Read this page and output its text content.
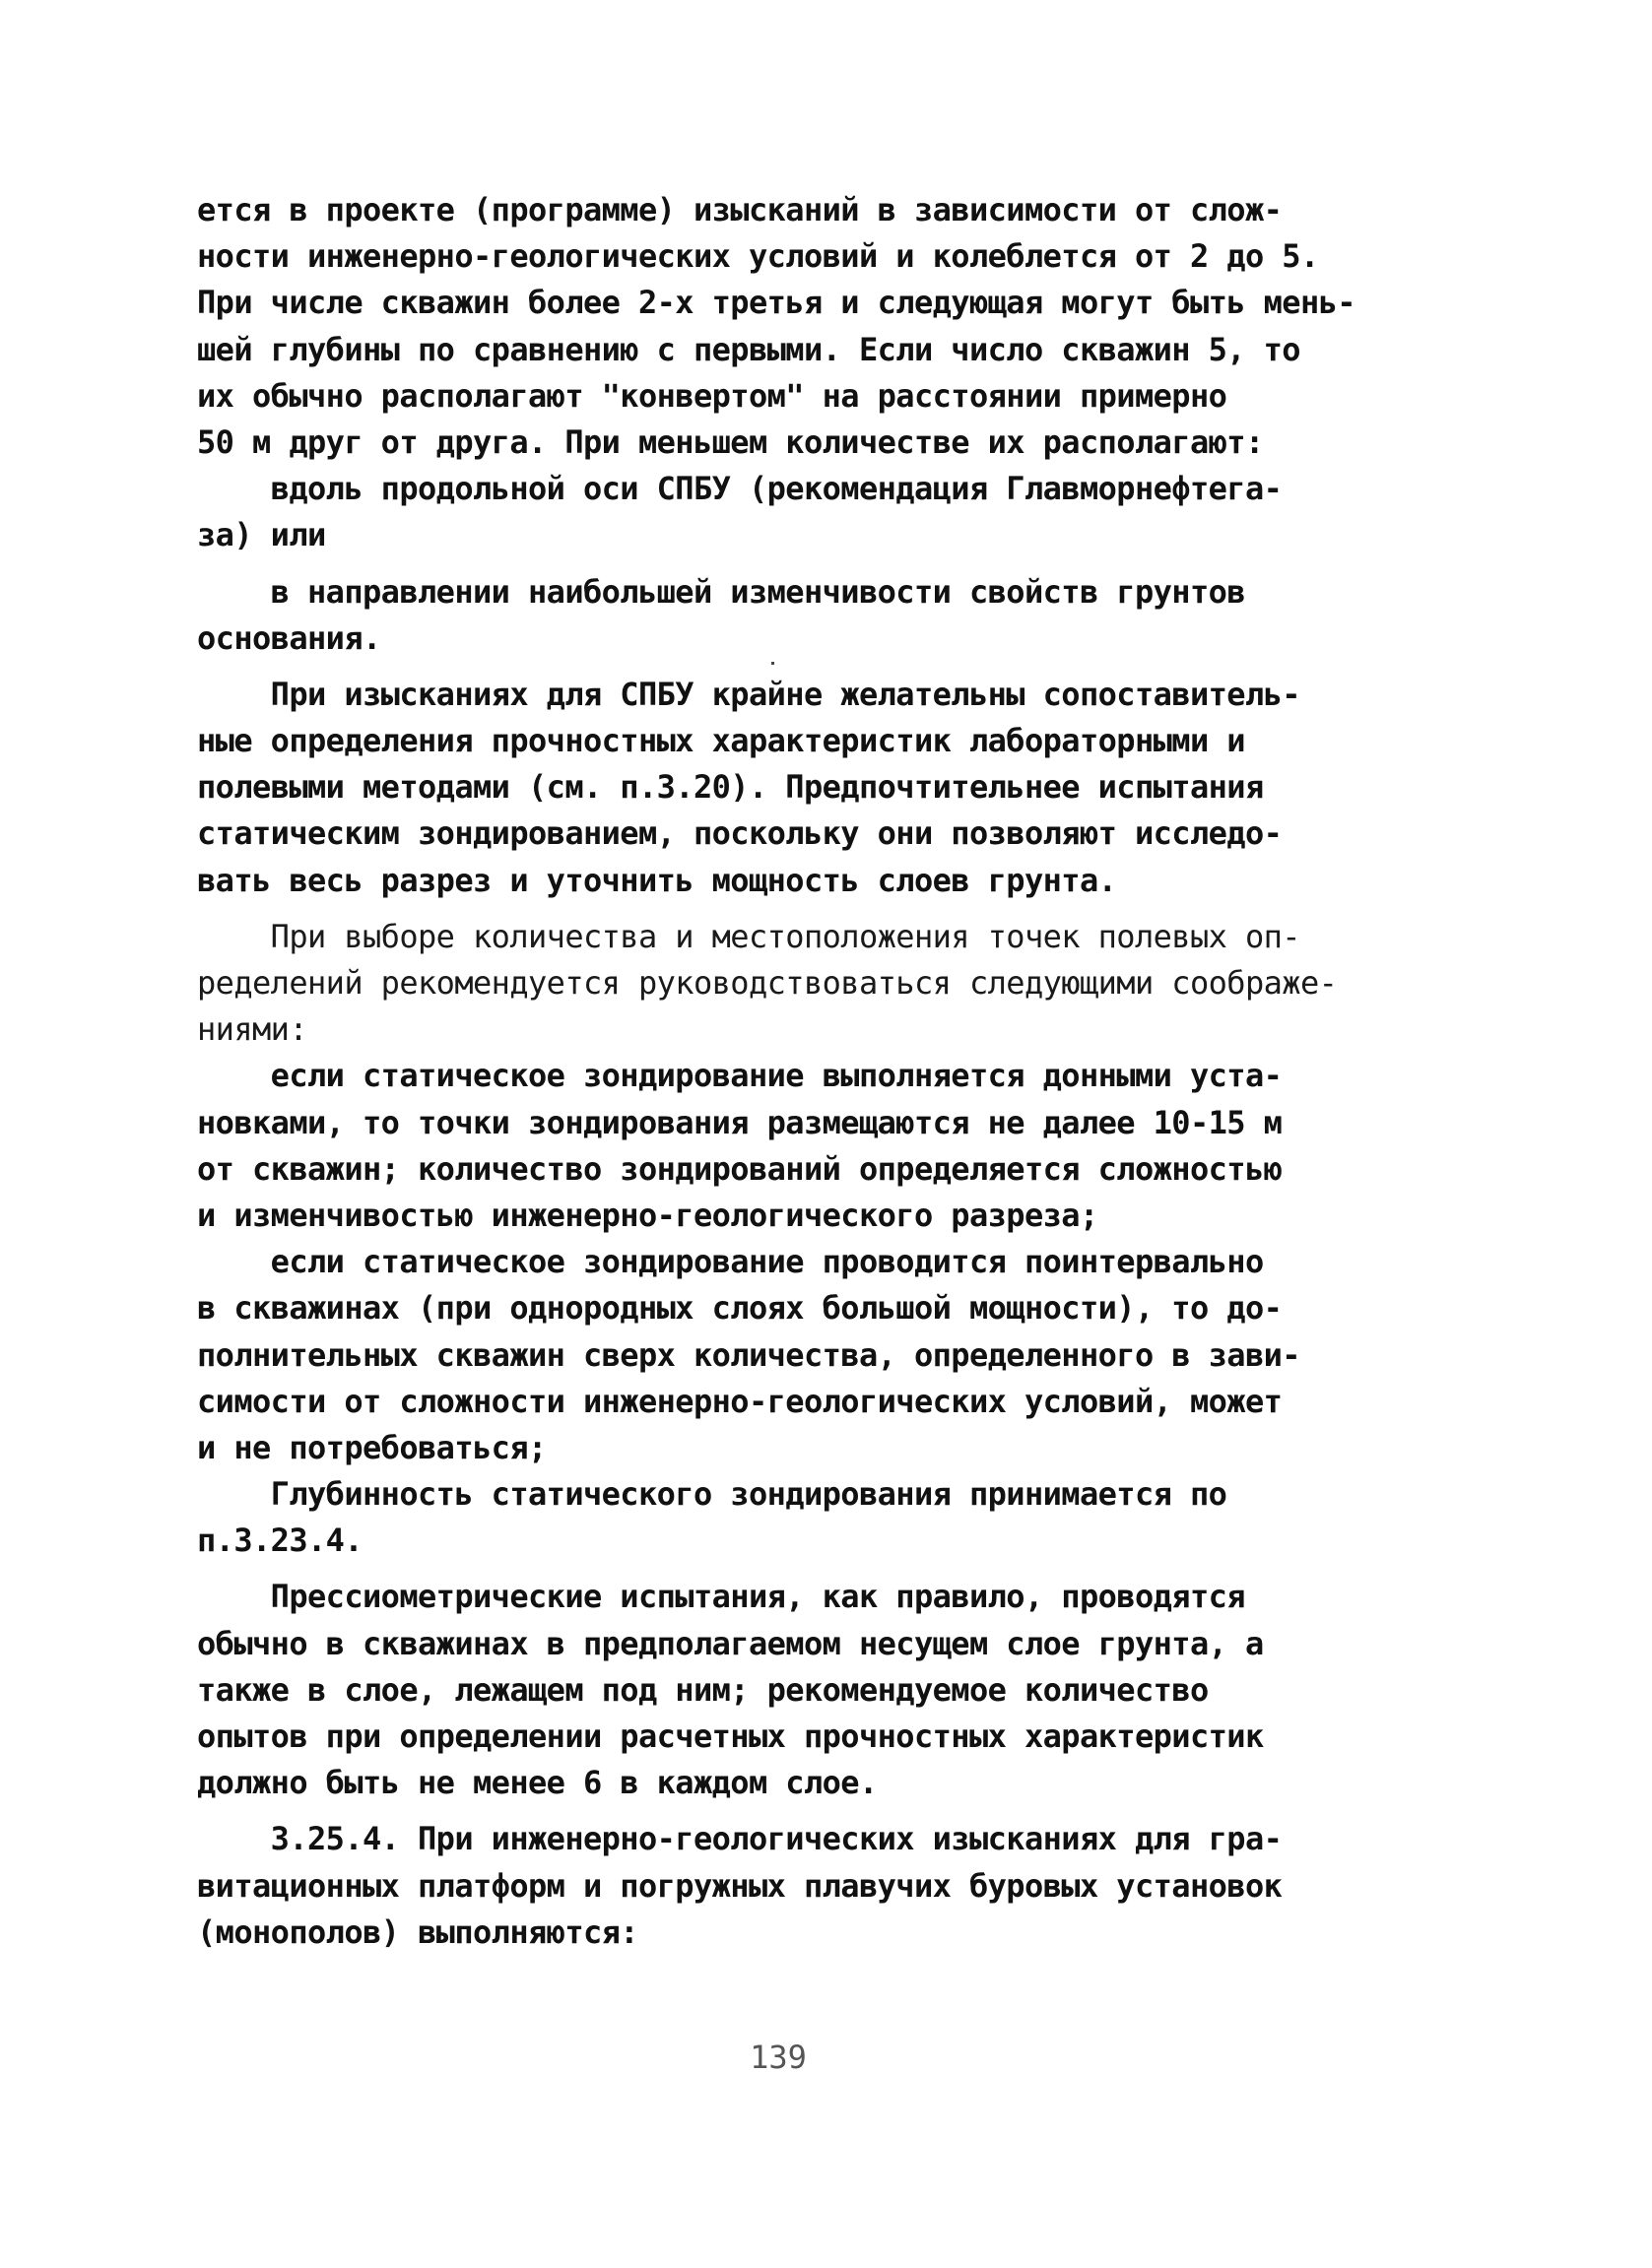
ется в проекте (программе) изысканий в зависимости от слож-
ности инженерно-геологических условий и колеблется от 2 до 5.
При числе скважин более 2-х третья и следующая могут быть мень-
шей глубины по сравнению с первыми. Если число скважин 5, то
их обычно располагают "конвертом" на расстоянии примерно
50 м друг от друга. При меньшем количестве их располагают:
вдоль продольной оси СПБУ (рекомендация Главморнефтега-
за) или
в направлении наибольшей изменчивости свойств грунтов
основания.
При изысканиях для СПБУ крайне желательны сопоставитель-
ные определения прочностных характеристик лабораторными и
полевыми методами (см. п.3.20). Предпочтительнее испытания
статическим зондированием, поскольку они позволяют исследо-
вать весь разрез и уточнить мощность слоев грунта.
При выборе количества и местоположения точек полевых оп-
ределений рекомендуется руководствоваться следующими соображе-
ниями:
если статическое зондирование выполняется донными уста-
новками, то точки зондирования размещаются не далее 10-15 м
от скважин; количество зондирований определяется сложностью
и изменчивостью инженерно-геологического разреза;
если статическое зондирование проводится поинтервально
в скважинах (при однородных слоях большой мощности), то до-
полнительных скважин сверх количества, определенного в зави-
симости от сложности инженерно-геологических условий, может
и не потребоваться;
Глубинность статического зондирования принимается по
п.3.23.4.
Прессиометрические испытания, как правило, проводятся
обычно в скважинах в предполагаемом несущем слое грунта, а
также в слое, лежащем под ним; рекомендуемое количество
опытов при определении расчетных прочностных характеристик
должно быть не менее 6 в каждом слое.
3.25.4. При инженерно-геологических изысканиях для гра-
витационных платформ и погружных плавучих буровых установок
(монополов) выполняются:
139
